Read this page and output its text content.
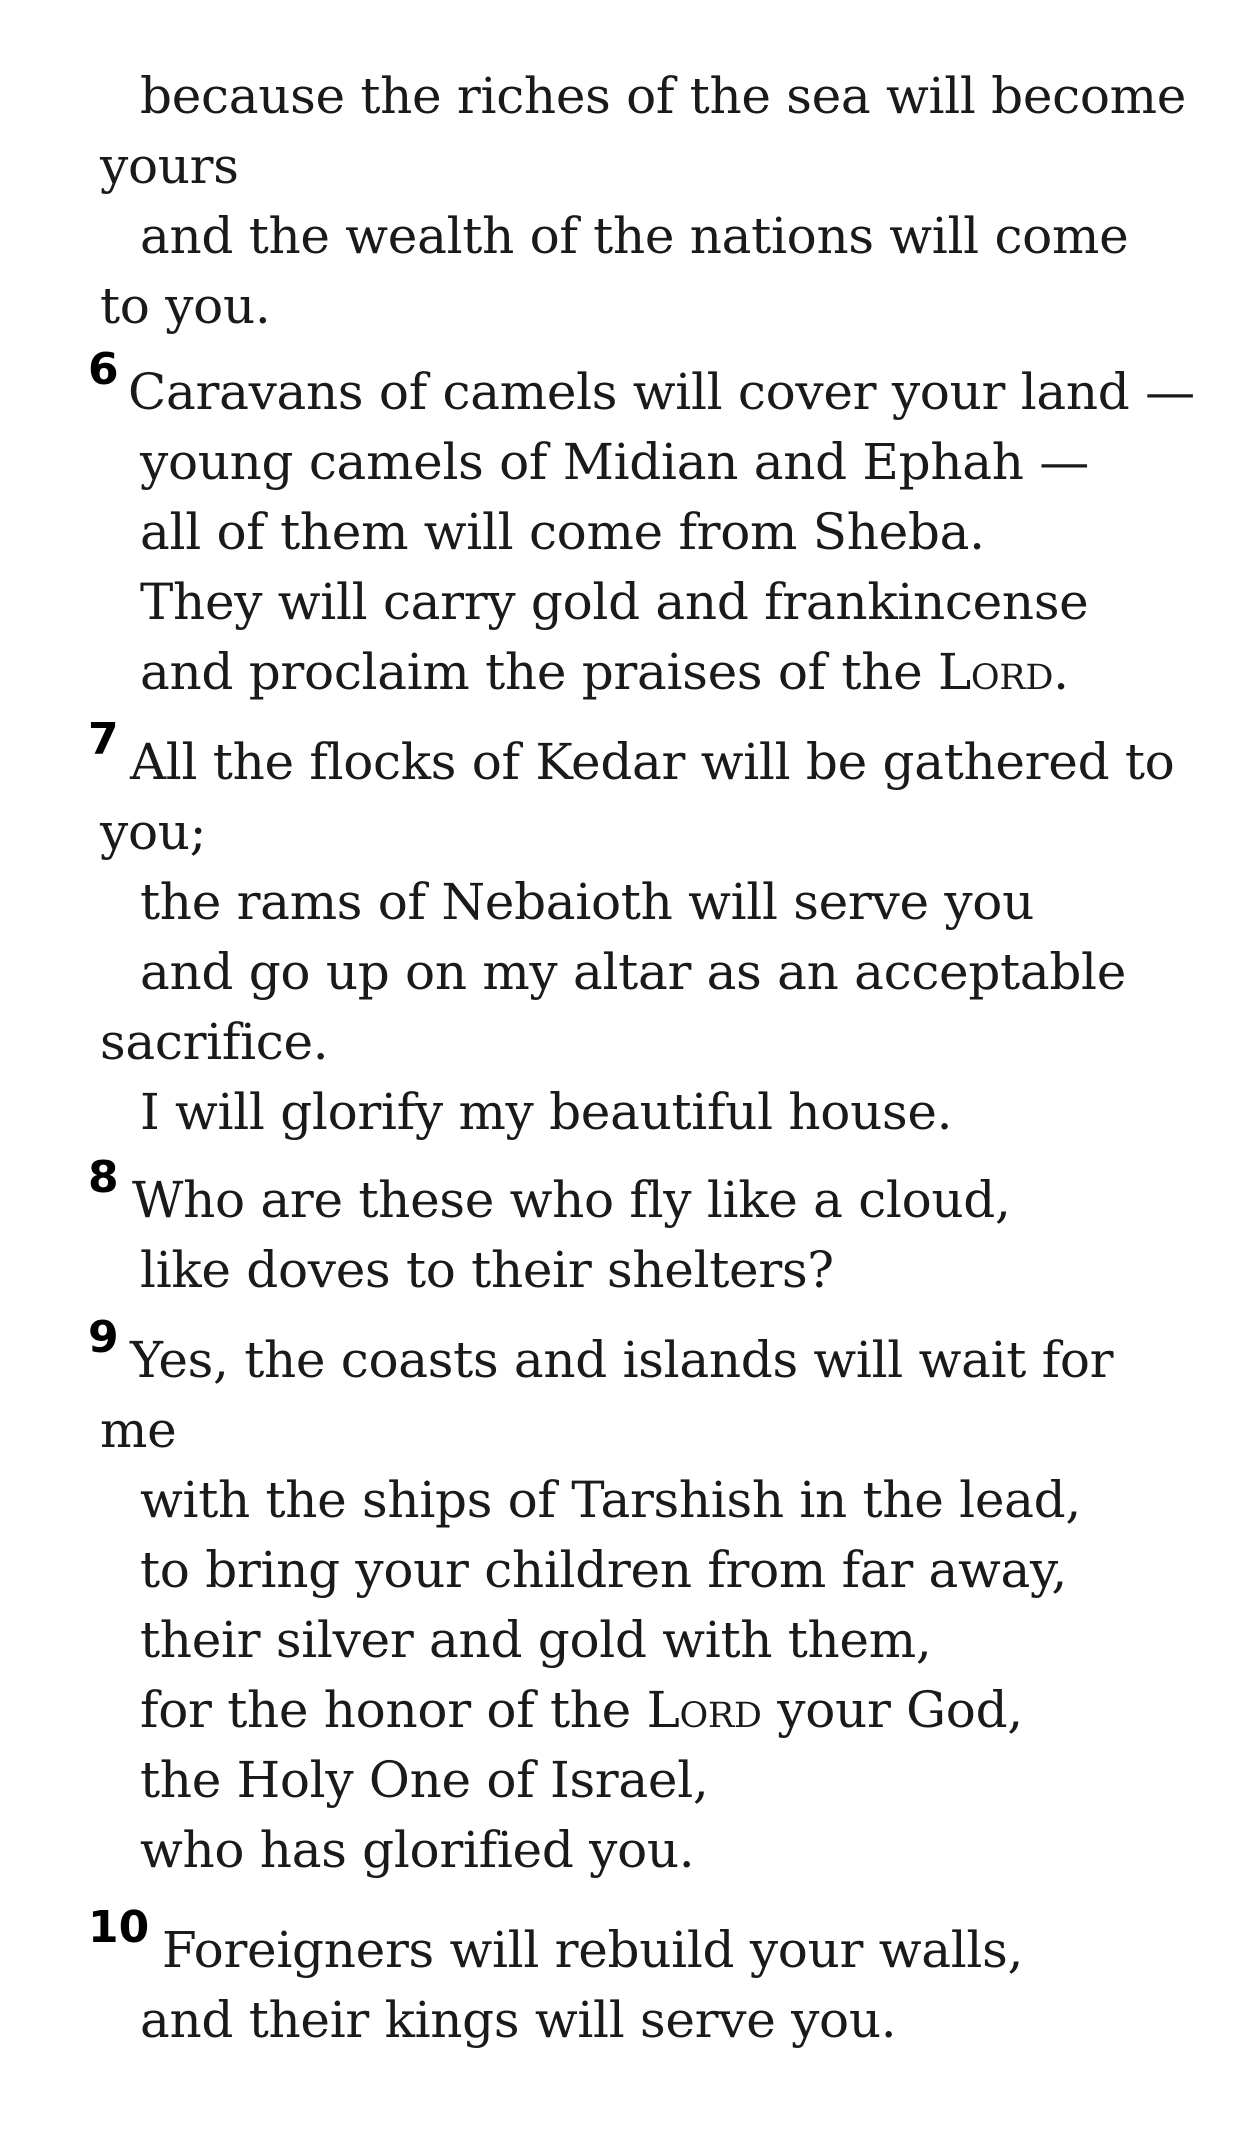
because the riches of the sea will become
yours
and the wealth of the nations will come
to you.
6 Caravans of camels will cover your land —
young camels of Midian and Ephah —
all of them will come from Sheba.
They will carry gold and frankincense
and proclaim the praises of the Lord.
7 All the flocks of Kedar will be gathered to
you;
the rams of Nebaioth will serve you
and go up on my altar as an acceptable
sacrifice.
I will glorify my beautiful house.
8 Who are these who fly like a cloud,
like doves to their shelters?
9 Yes, the coasts and islands will wait for
me
with the ships of Tarshish in the lead,
to bring your children from far away,
their silver and gold with them,
for the honor of the Lord your God,
the Holy One of Israel,
who has glorified you.
10 Foreigners will rebuild your walls,
and their kings will serve you.
